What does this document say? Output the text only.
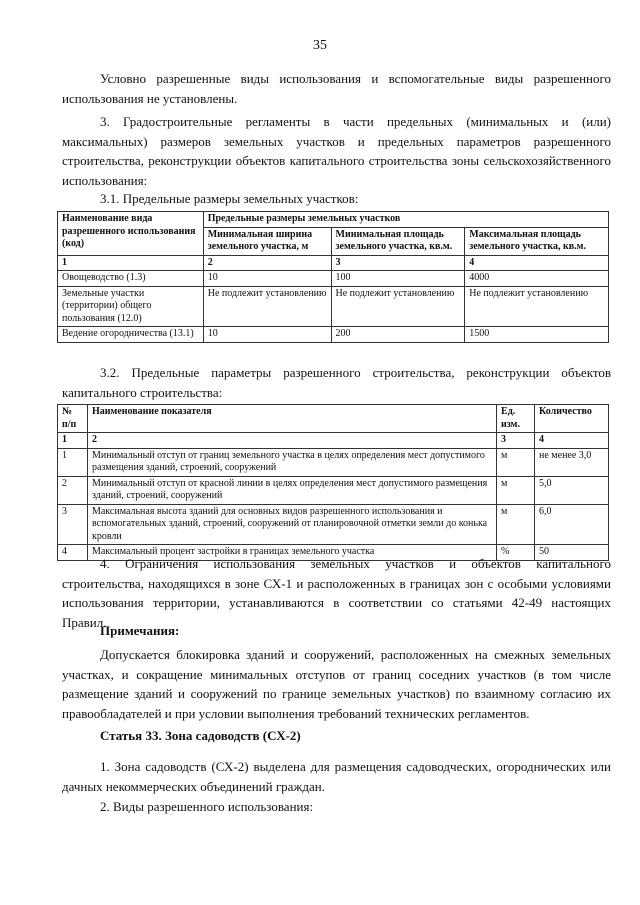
35
Условно разрешенные виды использования и вспомогательные виды разрешенного использования не установлены.
3. Градостроительные регламенты в части предельных (минимальных и (или) максимальных) размеров земельных участков и предельных параметров разрешенного строительства, реконструкции объектов капитального строительства зоны сельскохозяйственного использования:
3.1. Предельные размеры земельных участков:
Наименование вида разрешенного использования (код)	Предельные размеры земельных участков		
	Минимальная ширина земельного участка, м	Минимальная площадь земельного участка, кв.м.	Максимальная площадь земельного участка, кв.м.
1	2	3	4
Овощеводство (1.3)	10	100	4000
Земельные участки (территории) общего пользования (12.0)	Не подлежит установлению	Не подлежит установлению	Не подлежит установлению
Ведение огородничества (13.1)	10	200	1500
3.2. Предельные параметры разрешенного строительства, реконструкции объектов капитального строительства:
№ п/п	Наименование показателя	Ед. изм.	Количество
1	2	3	4
1	Минимальный отступ от границ земельного участка в целях определения мест допустимого размещения зданий, строений, сооружений	м	не менее 3,0
2	Минимальный отступ от красной линии в целях определения мест допустимого размещения зданий, строений, сооружений	м	5,0
3	Максимальная высота зданий для основных видов разрешенного использования и вспомогательных зданий, строений, сооружений от планировочной отметки земли до конька кровли	м	6,0
4	Максимальный процент застройки в границах земельного участка	%	50
4. Ограничения использования земельных участков и объектов капитального строительства, находящихся в зоне СХ-1 и расположенных в границах зон с особыми условиями использования территории, устанавливаются в соответствии со статьями 42-49 настоящих Правил.
Примечания:
Допускается блокировка зданий и сооружений, расположенных на смежных земельных участках, и сокращение минимальных отступов от границ соседних участков (в том числе размещение зданий и сооружений по границе земельных участков) по взаимному согласию их правообладателей и при условии выполнения требований технических регламентов.
Статья 33. Зона садоводств (СХ-2)
1. Зона садоводств (СХ-2) выделена для размещения садоводческих, огороднических или дачных некоммерческих объединений граждан.
2. Виды разрешенного использования:
